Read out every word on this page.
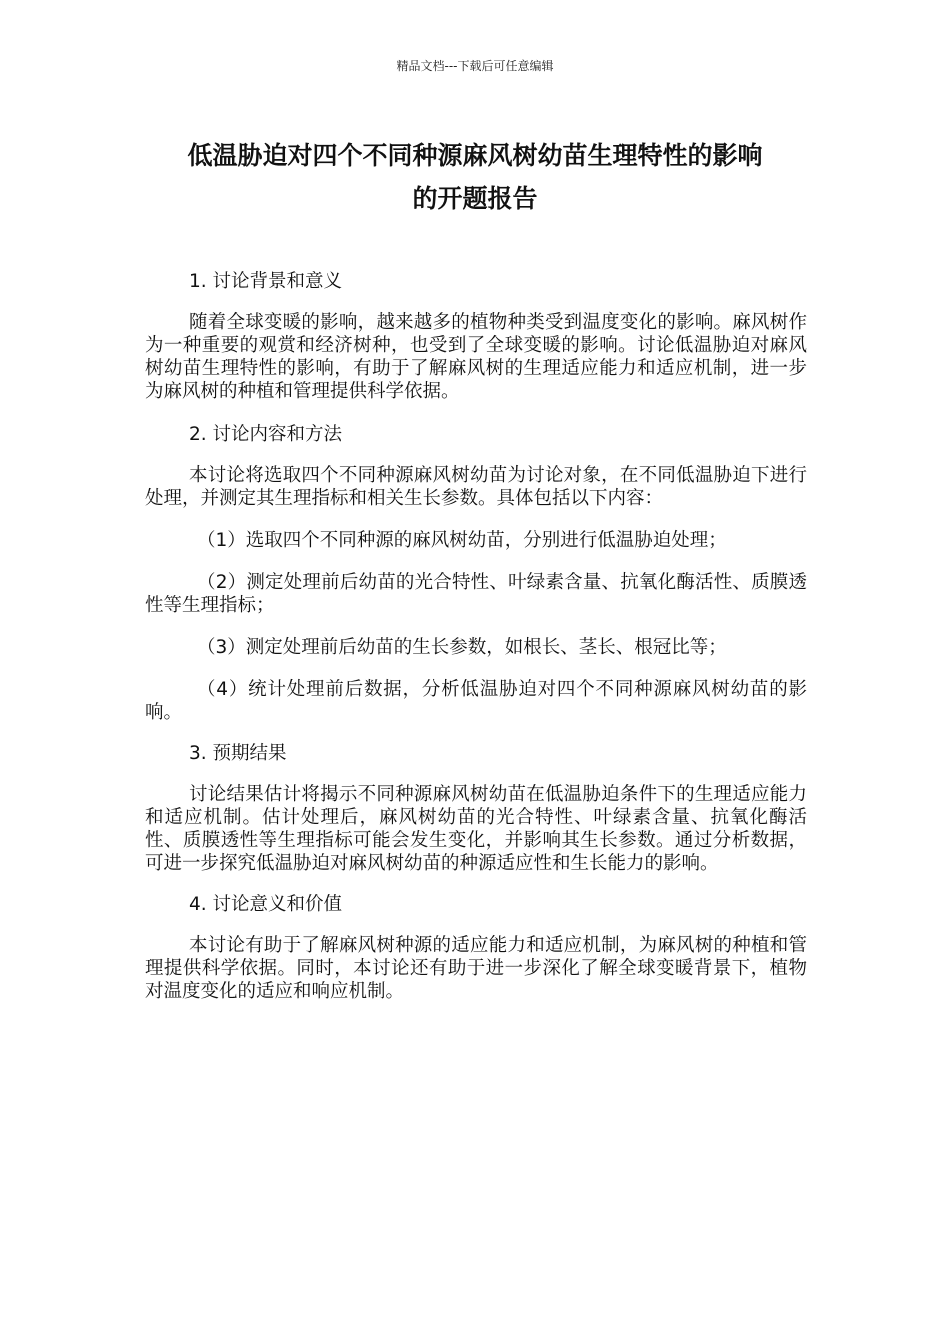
精品文档---下载后可任意编辑
低温胁迫对四个不同种源麻风树幼苗生理特性的影响
的开题报告

1. 讨论背景和意义

随着全球变暖的影响，越来越多的植物种类受到温度变化的影响。麻风树作为一种重要的观赏和经济树种，也受到了全球变暖的影响。讨论低温胁迫对麻风树幼苗生理特性的影响，有助于了解麻风树的生理适应能力和适应机制，进一步为麻风树的种植和管理提供科学依据。

2. 讨论内容和方法

本讨论将选取四个不同种源麻风树幼苗为讨论对象，在不同低温胁迫下进行处理，并测定其生理指标和相关生长参数。具体包括以下内容：

（1）选取四个不同种源的麻风树幼苗，分别进行低温胁迫处理；

（2）测定处理前后幼苗的光合特性、叶绿素含量、抗氧化酶活性、质膜透性等生理指标；

（3）测定处理前后幼苗的生长参数，如根长、茎长、根冠比等；

（4）统计处理前后数据，分析低温胁迫对四个不同种源麻风树幼苗的影响。

3. 预期结果

讨论结果估计将揭示不同种源麻风树幼苗在低温胁迫条件下的生理适应能力和适应机制。估计处理后，麻风树幼苗的光合特性、叶绿素含量、抗氧化酶活性、质膜透性等生理指标可能会发生变化，并影响其生长参数。通过分析数据，可进一步探究低温胁迫对麻风树幼苗的种源适应性和生长能力的影响。

4. 讨论意义和价值

本讨论有助于了解麻风树种源的适应能力和适应机制，为麻风树的种植和管理提供科学依据。同时，本讨论还有助于进一步深化了解全球变暖背景下，植物对温度变化的适应和响应机制。
